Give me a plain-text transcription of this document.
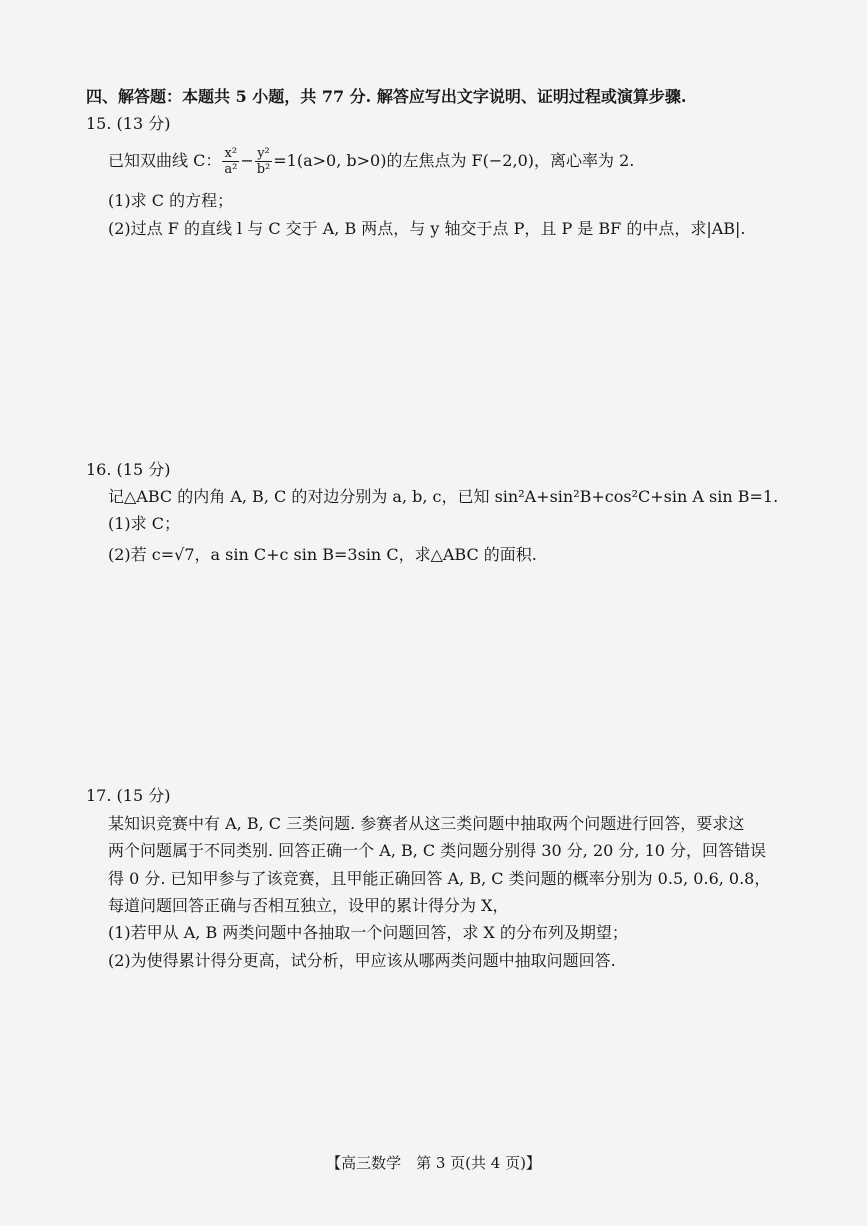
四、解答题：本题共 5 小题，共 77 分. 解答应写出文字说明、证明过程或演算步骤.
15. (13 分)
已知双曲线 C： $\frac{\text{x²}}{\text{a²}} - \frac{\text{y²}}{\text{b²}} =1(a>0$, b>0)的左焦点为 F(−2,0)，离心率为 2.
(1)求 C 的方程；
(2)过点 F 的直线 l 与 C 交于 A, B 两点，与 y 轴交于点 P，且 P 是 BF 的中点，求|AB|.
16. (15 分)
记△ABC 的内角 A, B, C 的对边分别为 a, b, c，已知 sin²A+sin²B+cos²C+sin A sin B=1.
(1)求 C；
(2)若 c=√7，a sin C+c sin B=3sin C，求△ABC 的面积.
17. (15 分)
某知识竞赛中有 A, B, C 三类问题. 参赛者从这三类问题中抽取两个问题进行回答，要求这
两个问题属于不同类别. 回答正确一个 A, B, C 类问题分别得 30 分, 20 分, 10 分，回答错误
得 0 分. 已知甲参与了该竞赛，且甲能正确回答 A, B, C 类问题的概率分别为 0.5, 0.6, 0.8，
每道问题回答正确与否相互独立，设甲的累计得分为 X，
(1)若甲从 A, B 两类问题中各抽取一个问题回答，求 X 的分布列及期望；
(2)为使得累计得分更高，试分析，甲应该从哪两类问题中抽取问题回答.
【高三数学　第 3 页(共 4 页)】
